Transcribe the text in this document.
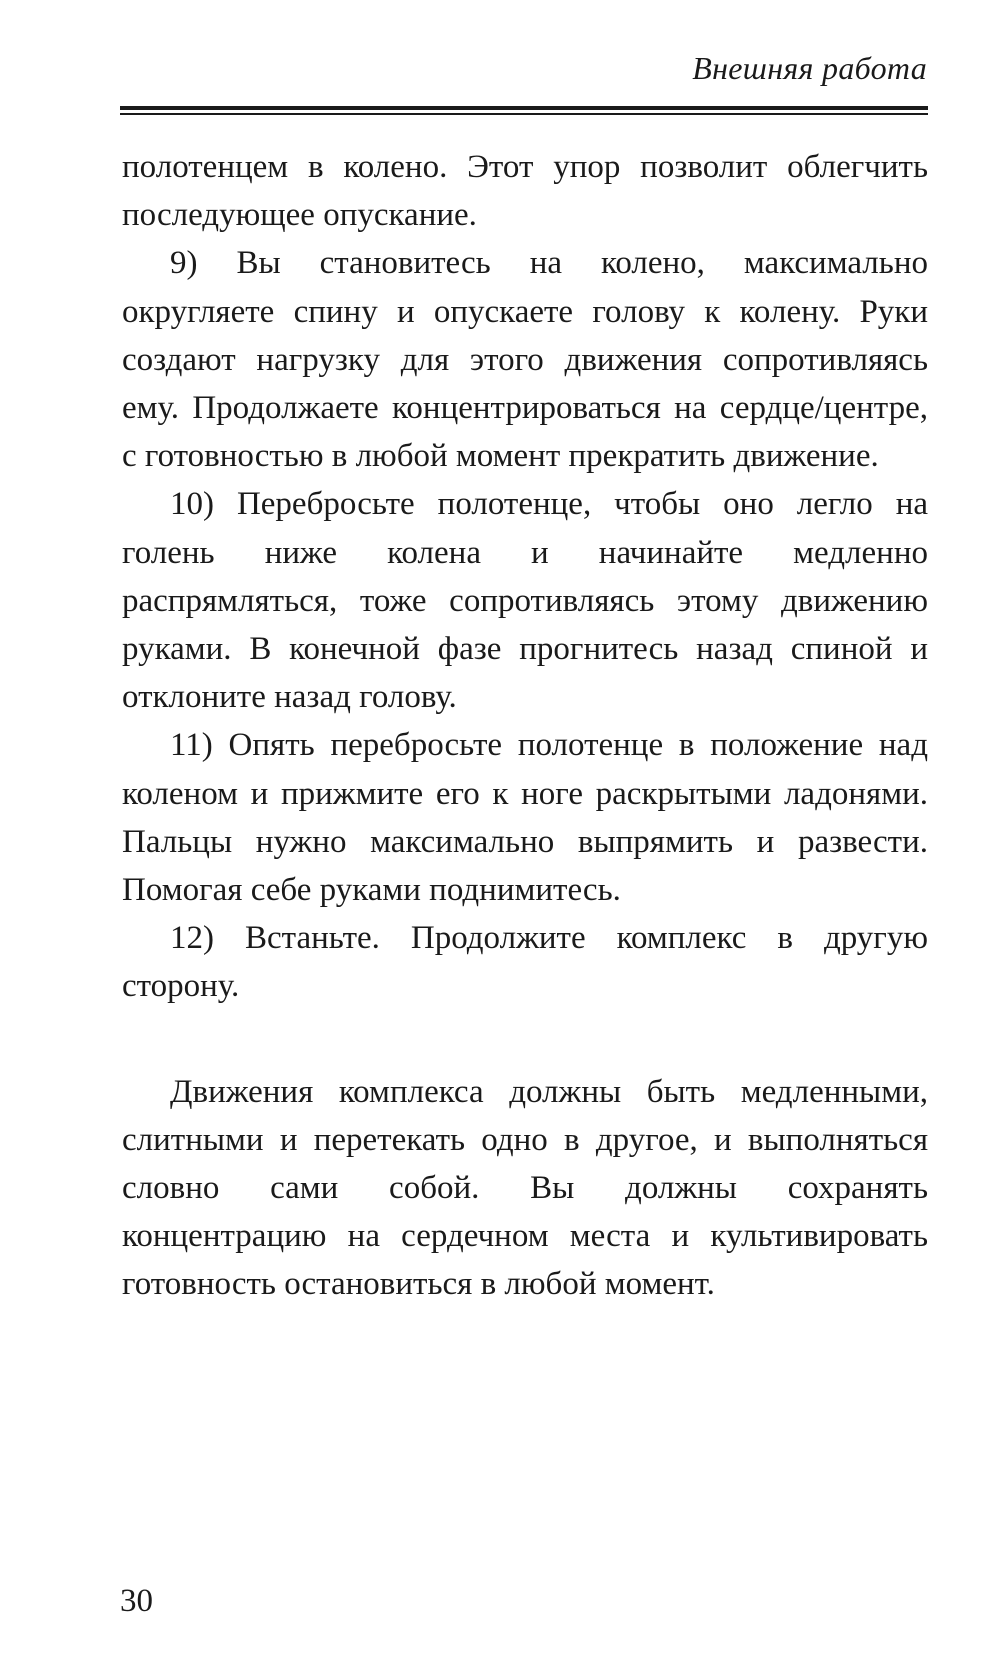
Внешняя работа

полотенцем в колено. Этот упор позволит облегчить последующее опускание.

9) Вы становитесь на колено, максимально округляете спину и опускаете голову к колену. Руки создают нагрузку для этого движения сопротивляясь ему. Продолжаете концентрироваться на сердце/центре, с готовностью в любой момент прекратить движение.

10) Перебросьте полотенце, чтобы оно легло на голень ниже колена и начинайте медленно распрямляться, тоже сопротивляясь этому движению руками. В конечной фазе прогнитесь назад спиной и отклоните назад голову.

11) Опять перебросьте полотенце в положение над коленом и прижмите его к ноге раскрытыми ладонями. Пальцы нужно максимально выпрямить и развести. Помогая себе руками поднимитесь.

12) Встаньте. Продолжите комплекс в другую сторону.

Движения комплекса должны быть медленными, слитными и перетекать одно в другое, и выполняться словно сами собой. Вы должны сохранять концентрацию на сердечном места и культивировать готовность остановиться в любой момент.

30
